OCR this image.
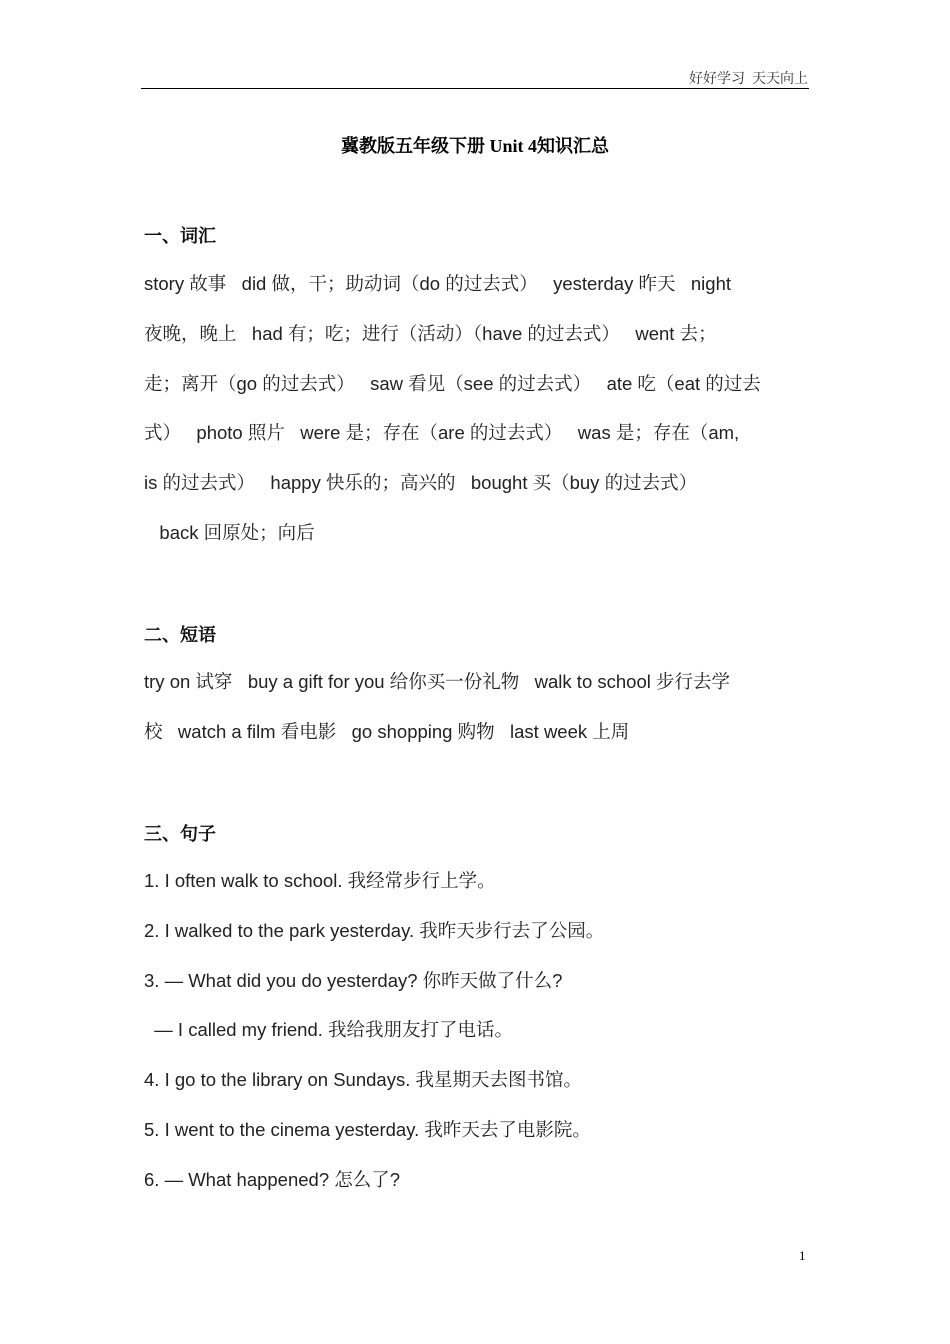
好好学习  天天向上
冀教版五年级下册 Unit 4知识汇总
一、词汇
story 故事   did 做，干；助动词（do 的过去式）   yesterday 昨天   night
夜晚，晚上   had 有；吃；进行（活动）（have 的过去式）   went 去；
走；离开（go 的过去式）   saw 看见（see 的过去式）   ate 吃（eat 的过去
式）   photo 照片   were 是；存在（are 的过去式）   was 是；存在（am,
is 的过去式）   happy 快乐的；高兴的   bought 买（buy 的过去式）
back 回原处；向后
二、短语
try on 试穿   buy a gift for you 给你买一份礼物   walk to school 步行去学
校   watch a film 看电影   go shopping 购物   last week 上周
三、句子
1. I often walk to school. 我经常步行上学。
2. I walked to the park yesterday. 我昨天步行去了公园。
3. — What did you do yesterday? 你昨天做了什么?
— I called my friend. 我给我朋友打了电话。
4. I go to the library on Sundays. 我星期天去图书馆。
5. I went to the cinema yesterday. 我昨天去了电影院。
6. — What happened? 怎么了?
1
